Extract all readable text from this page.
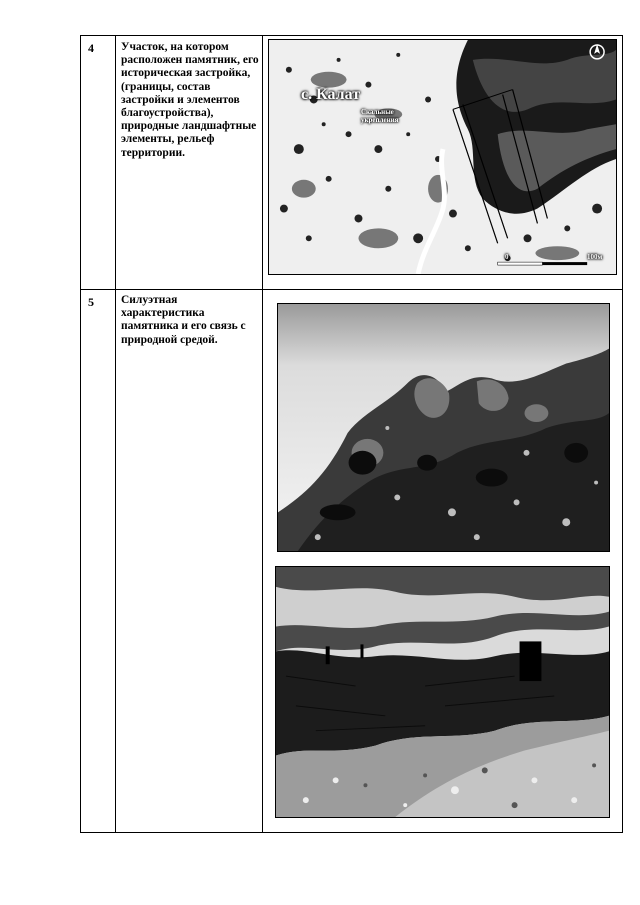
4 Участок, на котором расположен памятник, его историческая застройка, (границы, состав застройки и элементов благоустройства), природные ландшафтные элементы, рельеф территории.
5 Силуэтная характеристика памятника и его связь с природной средой.
с. Калат
Скальные укрепления
0	100м
